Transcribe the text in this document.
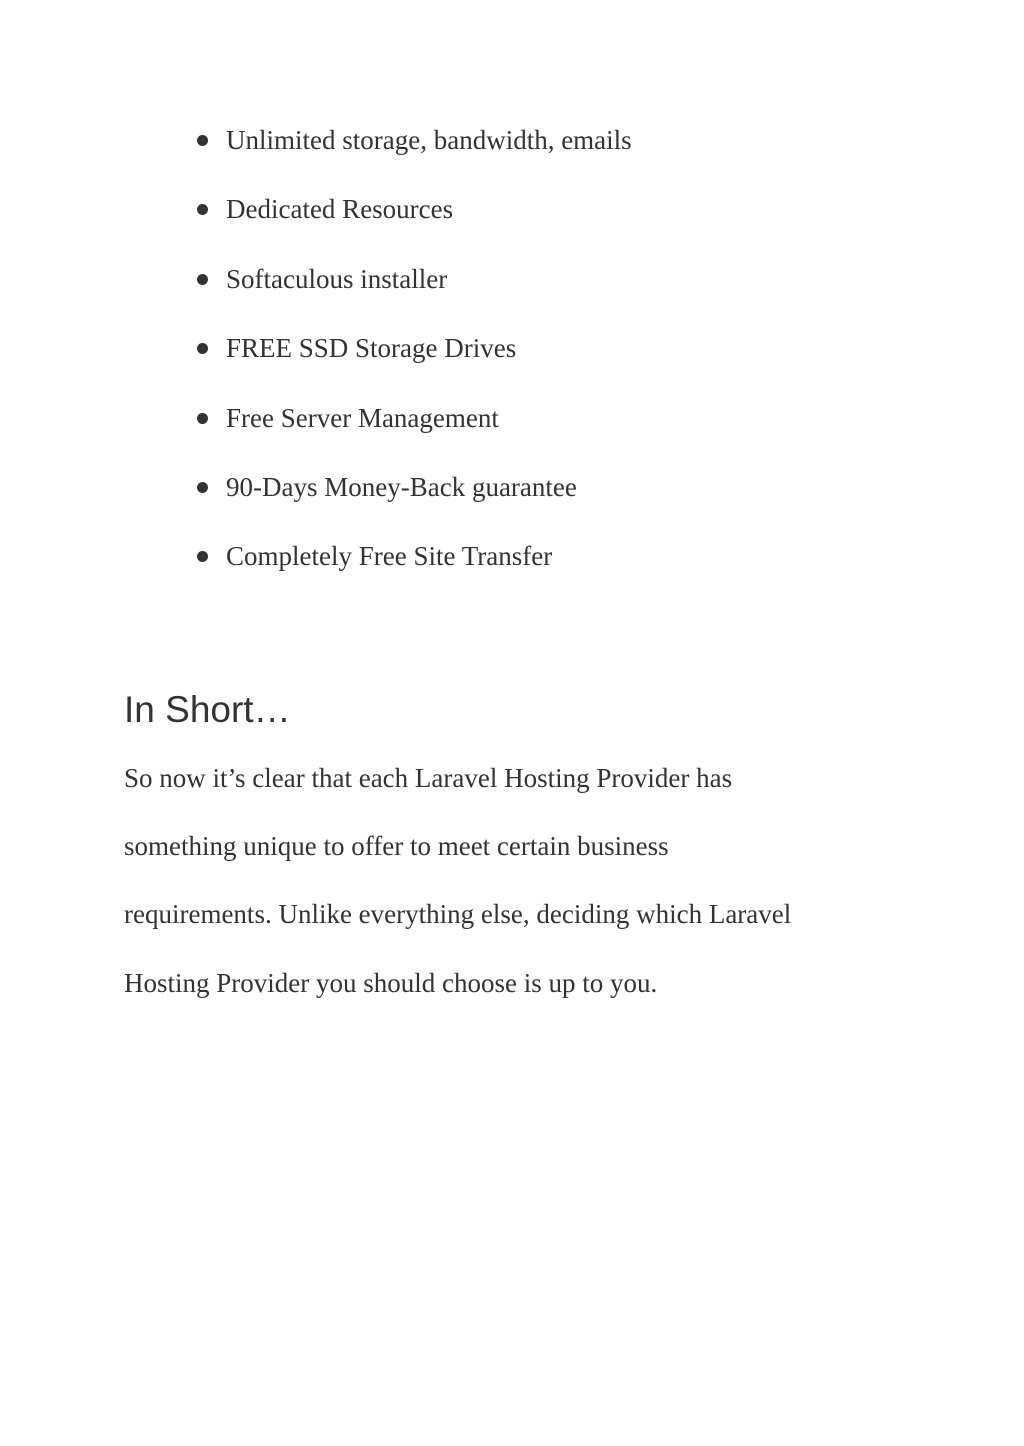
Unlimited storage, bandwidth, emails
Dedicated Resources
Softaculous installer
FREE SSD Storage Drives
Free Server Management
90-Days Money-Back guarantee
Completely Free Site Transfer
In Short…
So now it’s clear that each Laravel Hosting Provider has
something unique to offer to meet certain business
requirements. Unlike everything else, deciding which Laravel
Hosting Provider you should choose is up to you.
